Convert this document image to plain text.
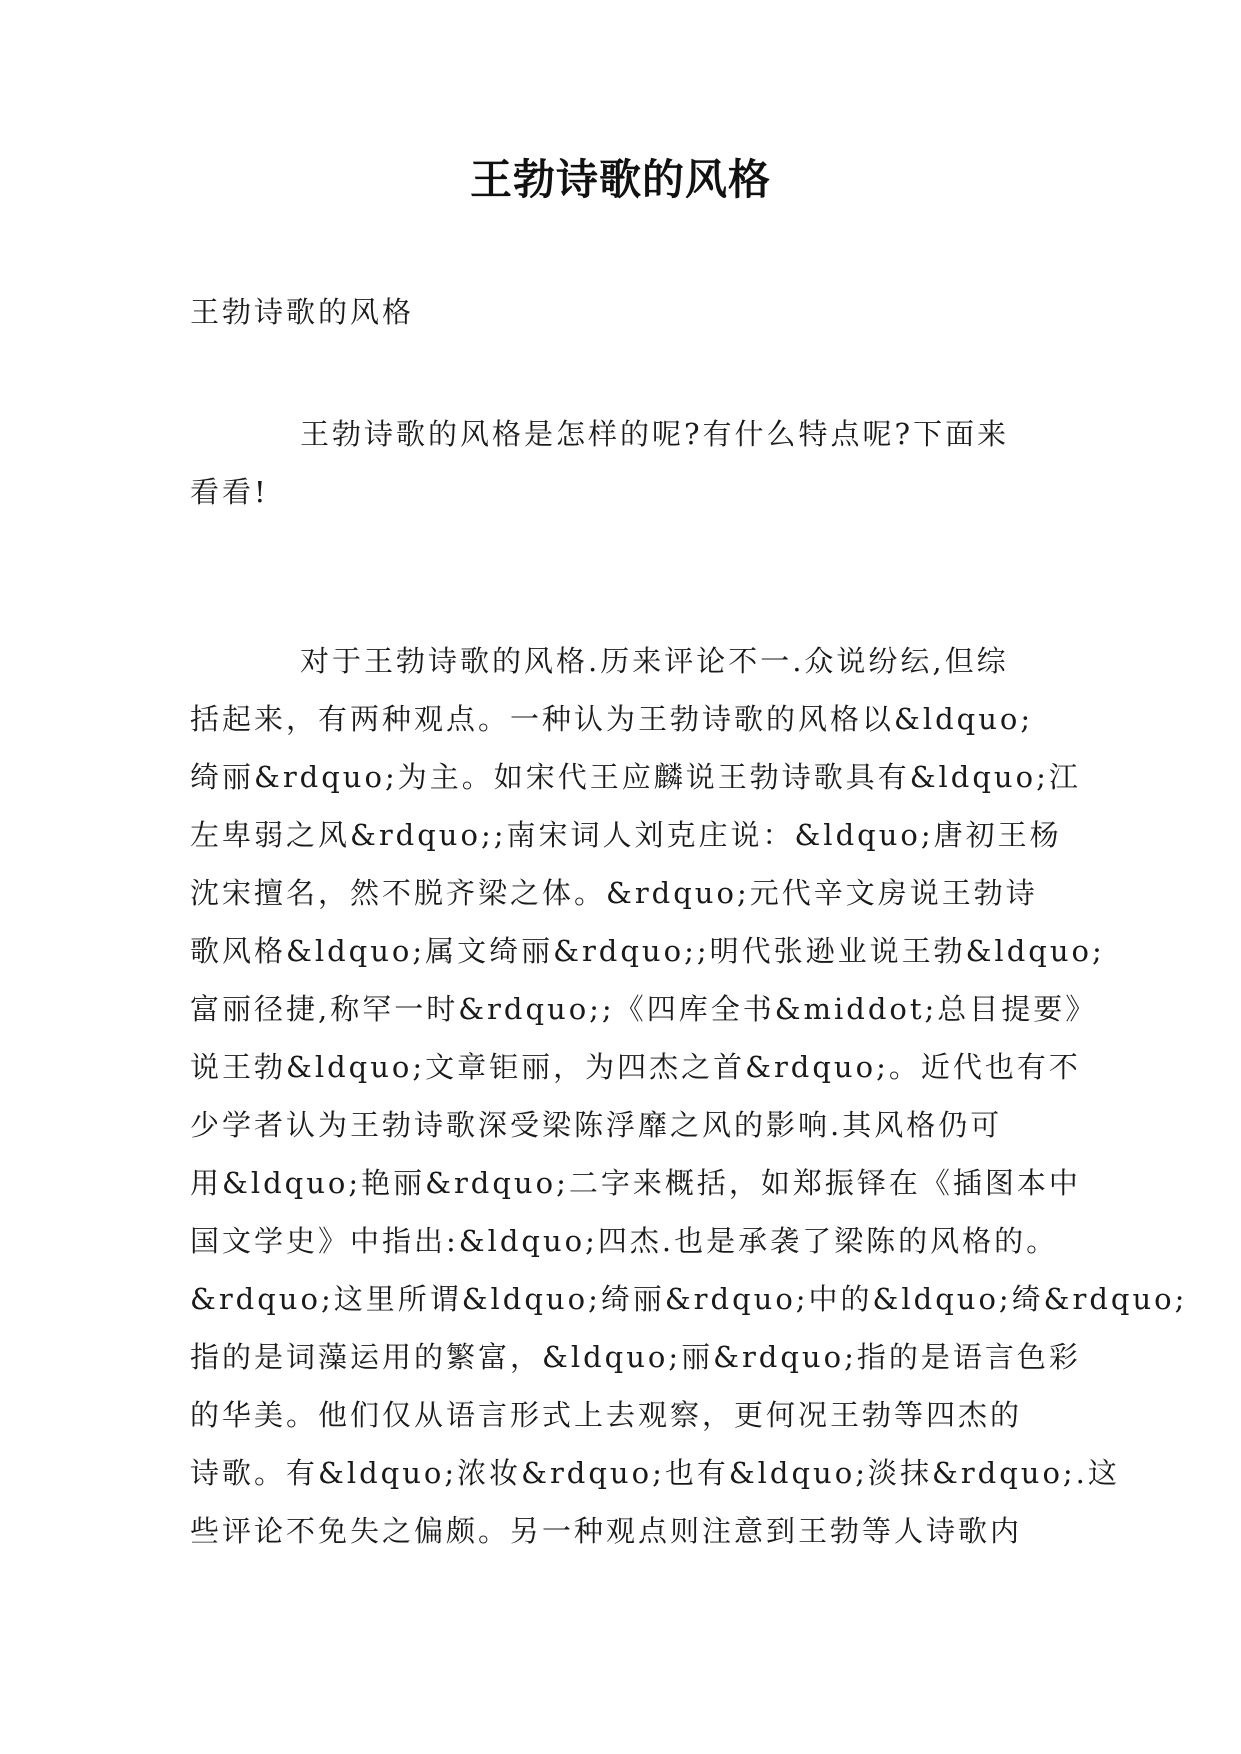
王勃诗歌的风格
王勃诗歌的风格
王勃诗歌的风格是怎样的呢?有什么特点呢?下面来
看看!
对于王勃诗歌的风格.历来评论不一.众说纷纭,但综
括起来，有两种观点。一种认为王勃诗歌的风格以&ldquo;
绮丽&rdquo;为主。如宋代王应麟说王勃诗歌具有&ldquo;江
左卑弱之风&rdquo;;南宋词人刘克庄说：&ldquo;唐初王杨
沈宋擅名，然不脱齐梁之体。&rdquo;元代辛文房说王勃诗
歌风格&ldquo;属文绮丽&rdquo;;明代张逊业说王勃&ldquo;
富丽径捷,称罕一时&rdquo;;《四库全书&middot;总目提要》
说王勃&ldquo;文章钜丽，为四杰之首&rdquo;。近代也有不
少学者认为王勃诗歌深受梁陈浮靡之风的影响.其风格仍可
用&ldquo;艳丽&rdquo;二字来概括，如郑振铎在《插图本中
国文学史》中指出:&ldquo;四杰.也是承袭了梁陈的风格的。
&rdquo;这里所谓&ldquo;绮丽&rdquo;中的&ldquo;绮&rdquo;
指的是词藻运用的繁富，&ldquo;丽&rdquo;指的是语言色彩
的华美。他们仅从语言形式上去观察，更何况王勃等四杰的
诗歌。有&ldquo;浓妆&rdquo;也有&ldquo;淡抹&rdquo;.这
些评论不免失之偏颇。另一种观点则注意到王勃等人诗歌内
